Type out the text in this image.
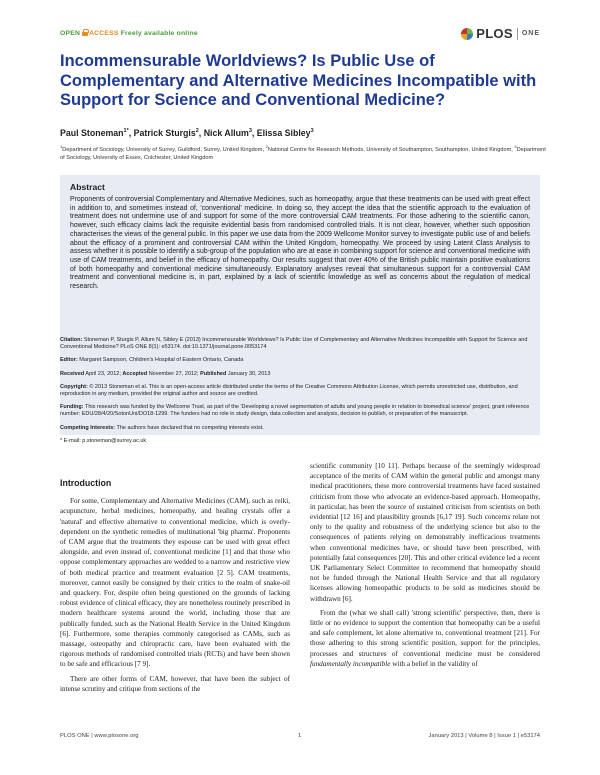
OPEN ACCESS Freely available online	PLOS ONE
Incommensurable Worldviews? Is Public Use of Complementary and Alternative Medicines Incompatible with Support for Science and Conventional Medicine?
Paul Stoneman$^{1*}$, Patrick Sturgis$^2$, Nick Allum$^3$, Elissa Sibley$^3$
$^1$Department of Sociology, University of Surrey, Guildford, Surrey, United Kingdom, $^2$National Centre for Research Methods, University of Southampton, Southampton, United Kingdom, $^3$Department of Sociology, University of Essex, Colchester, United Kingdom
Abstract

Proponents of controversial Complementary and Alternative Medicines, such as homeopathy, argue that these treatments can be used with great effect in addition to, and sometimes instead of, 'conventional' medicine. In doing so, they accept the idea that the scientific approach to the evaluation of treatment does not undermine use of and support for some of the more controversial CAM treatments. For those adhering to the scientific canon, however, such efficacy claims lack the requisite evidential basis from randomised controlled trials. It is not clear, however, whether such opposition characterises the views of the general public. In this paper we use data from the 2009 Wellcome Monitor survey to investigate public use of and beliefs about the efficacy of a prominent and controversial CAM within the United Kingdom, homeopathy. We proceed by using Latent Class Analysis to assess whether it is possible to identify a sub-group of the population who are at ease in combining support for science and conventional medicine with use of CAM treatments, and belief in the efficacy of homeopathy. Our results suggest that over 40% of the British public maintain positive evaluations of both homeopathy and conventional medicine simultaneously. Explanatory analyses reveal that simultaneous support for a controversial CAM treatment and conventional medicine is, in part, explained by a lack of scientific knowledge as well as concerns about the regulation of medical research.

Citation: Stoneman P, Sturgis P, Allum N, Sibley E (2013) Incommensurable Worldviews? Is Public Use of Complementary and Alternative Medicines Incompatible with Support for Science and Conventional Medicine? PLoS ONE 8(1): e53174. doi:10.1371/journal.pone.0053174

Editor: Margaret Sampson, Children's Hospital of Eastern Ontario, Canada

Received April 23, 2012; Accepted November 27, 2012; Published January 30, 2013

Copyright: © 2013 Stoneman et al. This is an open-access article distributed under the terms of the Creative Commons Attribution License, which permits unrestricted use, distribution, and reproduction in any medium, provided the original author and source are credited.

Funding: This research was funded by the Wellcome Trust, as part of the 'Developing a novel segmentation of adults and young people in relation to biomedical science' project, grant reference number: EDU/28/4/20/SotonUni/DO18-1299. The funders had no role in study design, data collection and analysis, decision to publish, or preparation of the manuscript.

Competing Interests: The authors have declared that no competing interests exist.

* E-mail: p.stoneman@surrey.ac.uk

Introduction

For some, Complementary and Alternative Medicines (CAM), such as reiki, acupuncture, herbal medicines, homeopathy, and healing crystals offer a 'natural' and effective alternative to conventional medicine, which is overly-dependent on the synthetic remedies of multinational 'big pharma'. Proponents of CAM argue that the treatments they espouse can be used with great effect alongside, and even instead of, conventional medicine [1] and that those who oppose complementary approaches are wedded to a narrow and restrictive view of both medical practice and treatment evaluation [2 5]. CAM treatments, moreover, cannot easily be consigned by their critics to the realm of snake-oil and quackery. For, despite often being questioned on the grounds of lacking robust evidence of clinical efficacy, they are nonetheless routinely prescribed in modern healthcare systems around the world, including those that are publically funded, such as the National Health Service in the United Kingdom [6]. Furthermore, some therapies commonly categorised as CAMs, such as massage, osteopathy and chiropractic care, have been evaluated with the rigorous methods of randomised controlled trials (RCTs) and have been shown to be safe and efficacious [7 9].

There are other forms of CAM, however, that have been the subject of intense scrutiny and critique from sections of the

scientific community [10 11]. Perhaps because of the seemingly widespread acceptance of the merits of CAM within the general public and amongst many medical practitioners, these more controversial treatments have faced sustained criticism from those who advocate an evidence-based approach. Homeopathy, in particular, has been the source of sustained criticism from scientists on both evidential [12 16] and plausibility grounds [6,17 19]. Such concerns relate not only to the quality and robustness of the underlying science but also to the consequences of patients relying on demonstrably inefficacious treatments when conventional medicines have, or should have been prescribed, with potentially fatal consequences [20]. This and other critical evidence led a recent UK Parliamentary Select Committee to recommend that homeopathy should not be funded through the National Health Service and that all regulatory licenses allowing homeopathic products to be sold as medicines should be withdrawn [6].

From the (what we shall call) 'strong scientific' perspective, then, there is little or no evidence to support the contention that homeopathy can be a useful and safe complement, let alone alternative to, conventional treatment [21]. For those adhering to this strong scientific position, support for the principles, processes and structures of conventional medicine must be considered fundamentally incompatible with a belief in the validity of

PLOS ONE | www.plosone.org	1	January 2013 | Volume 8 | Issue 1 | e53174
